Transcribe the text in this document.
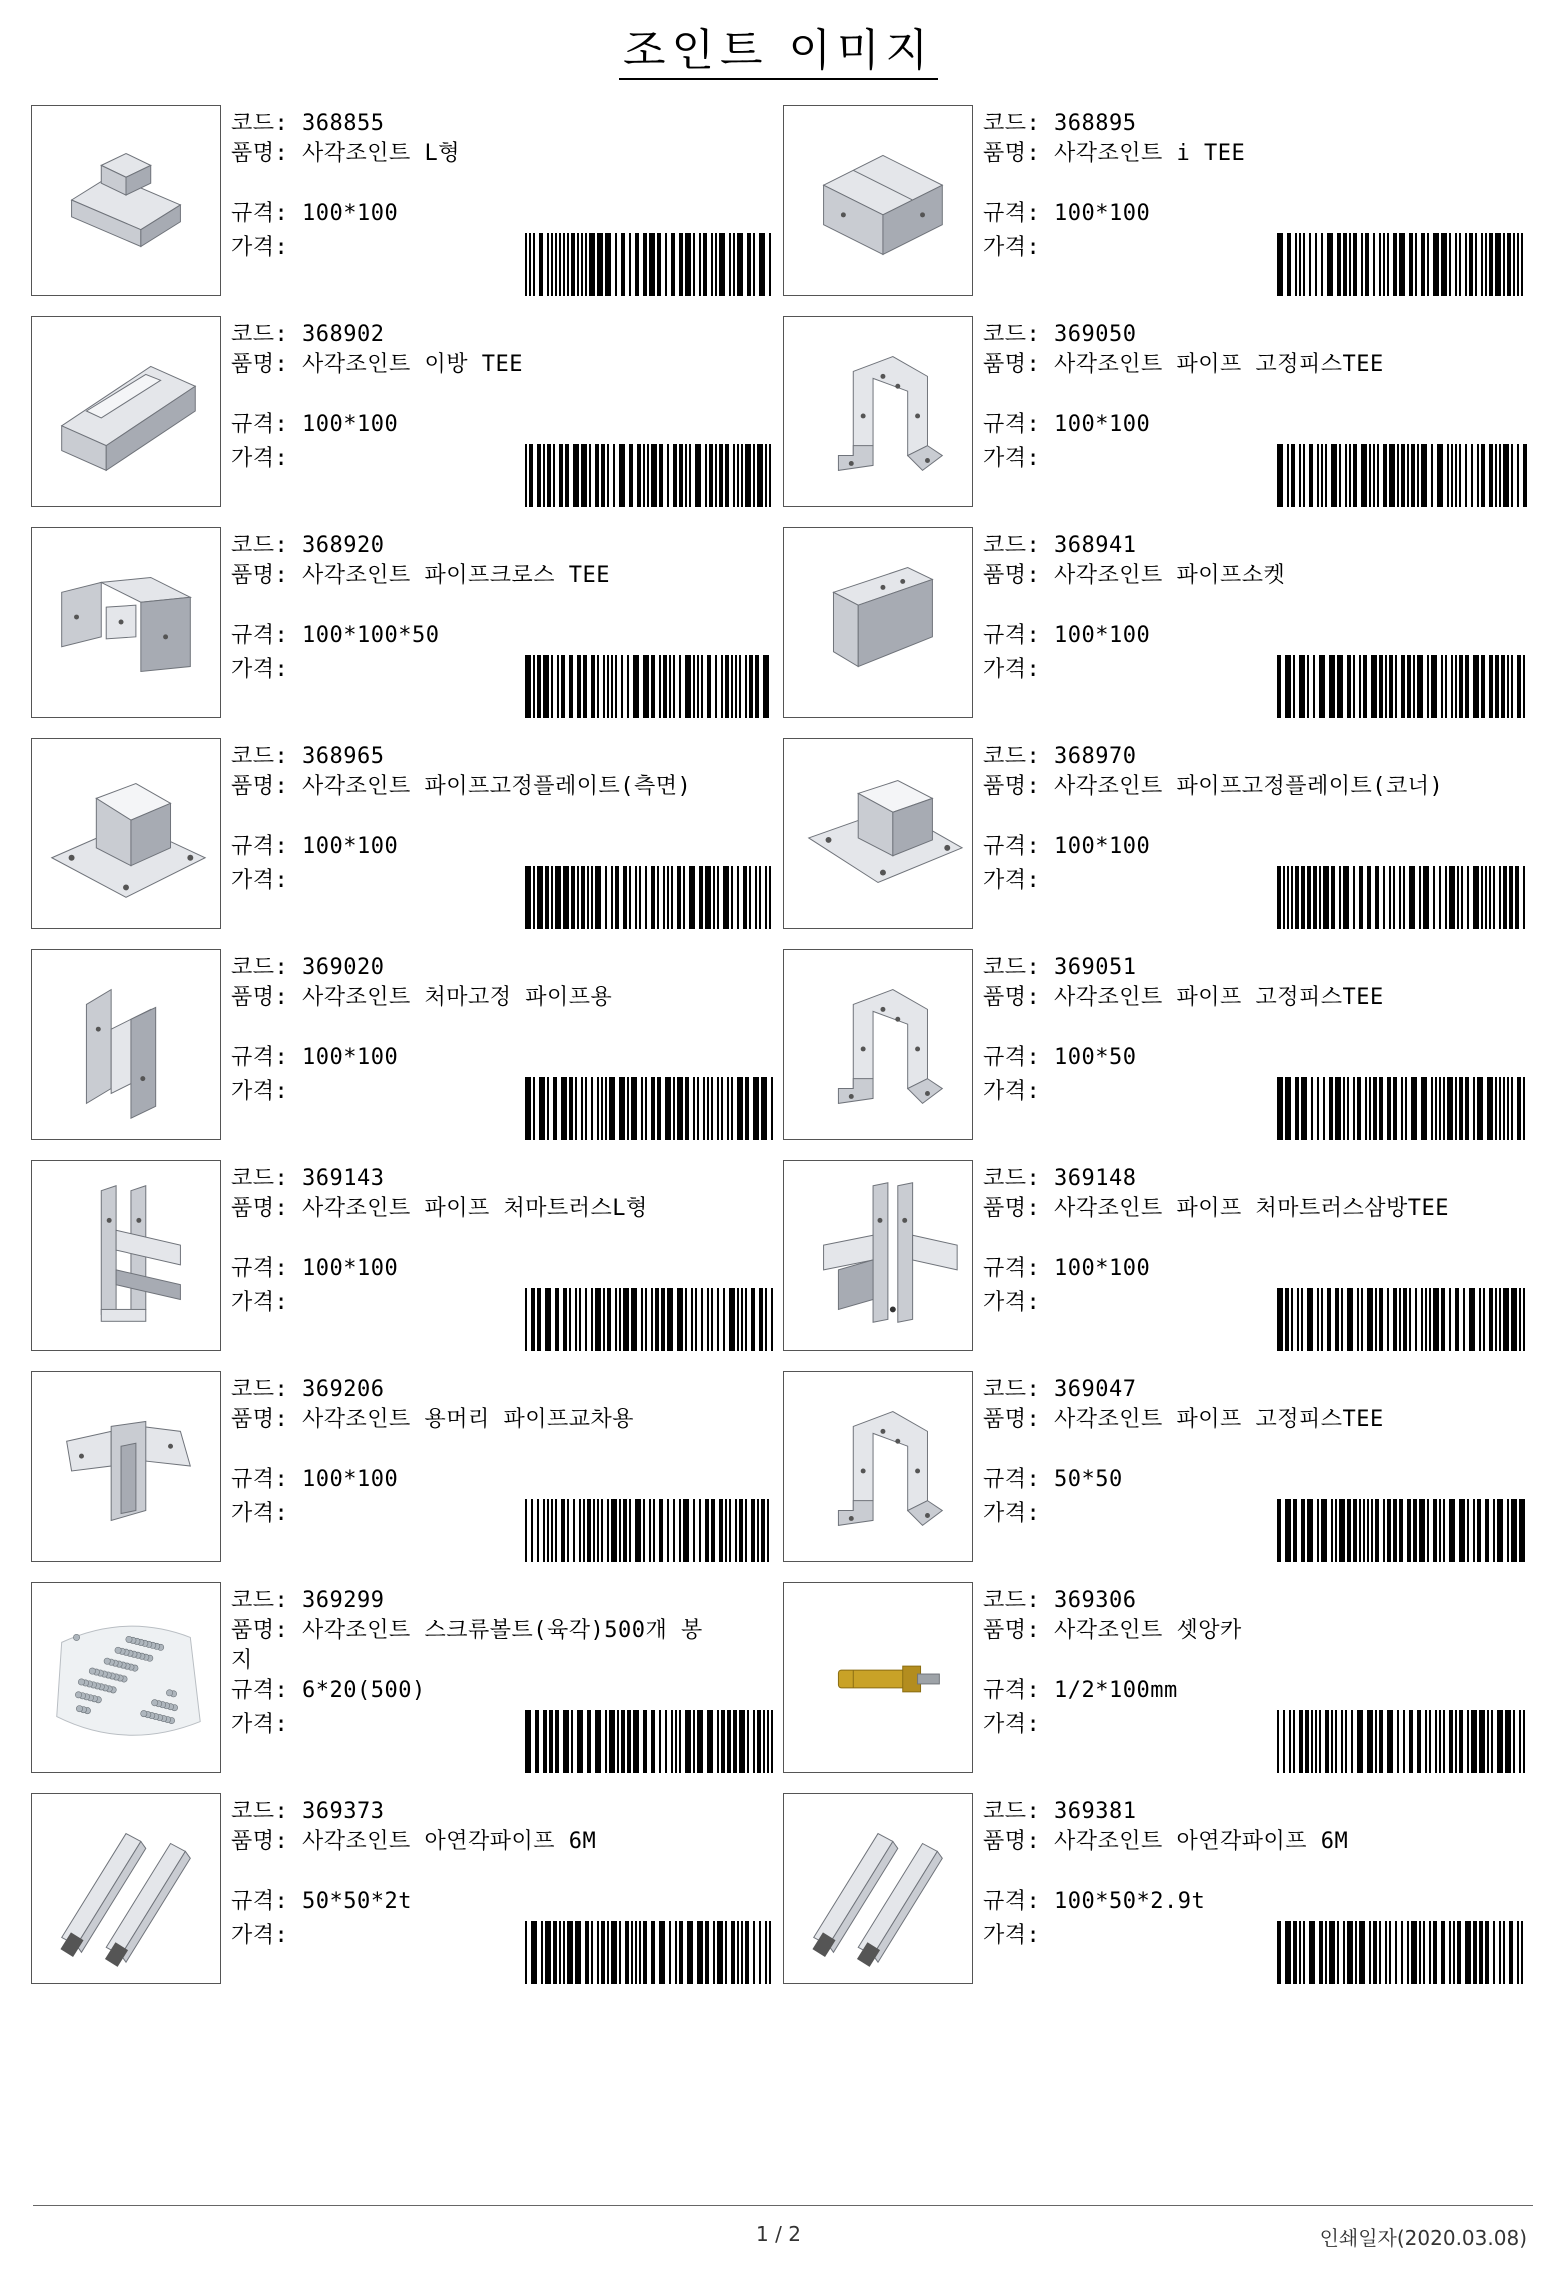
조인트 이미지
코드: 368855
품명: 사각조인트 L형
규격: 100*100
가격:
코드: 368895
품명: 사각조인트 i TEE
규격: 100*100
가격:
코드: 368902
품명: 사각조인트 이방 TEE
규격: 100*100
가격:
코드: 369050
품명: 사각조인트 파이프 고정피스TEE
규격: 100*100
가격:
코드: 368920
품명: 사각조인트 파이프크로스 TEE
규격: 100*100*50
가격:
코드: 368941
품명: 사각조인트 파이프소켓
규격: 100*100
가격:
코드: 368965
품명: 사각조인트 파이프고정플레이트(측면)
규격: 100*100
가격:
코드: 368970
품명: 사각조인트 파이프고정플레이트(코너)
규격: 100*100
가격:
코드: 369020
품명: 사각조인트 처마고정 파이프용
규격: 100*100
가격:
코드: 369051
품명: 사각조인트 파이프 고정피스TEE
규격: 100*50
가격:
코드: 369143
품명: 사각조인트 파이프 처마트러스L형
규격: 100*100
가격:
코드: 369148
품명: 사각조인트 파이프 처마트러스삼방TEE
규격: 100*100
가격:
코드: 369206
품명: 사각조인트 용머리 파이프교차용
규격: 100*100
가격:
코드: 369047
품명: 사각조인트 파이프 고정피스TEE
규격: 50*50
가격:
코드: 369299
품명: 사각조인트 스크류볼트(육각)500개 봉
지
규격: 6*20(500)
가격:
코드: 369306
품명: 사각조인트 셋앙카
규격: 1/2*100mm
가격:
코드: 369373
품명: 사각조인트 아연각파이프 6M
규격: 50*50*2t
가격:
코드: 369381
품명: 사각조인트 아연각파이프 6M
규격: 100*50*2.9t
가격:
1 / 2	인쇄일자(2020.03.08)
